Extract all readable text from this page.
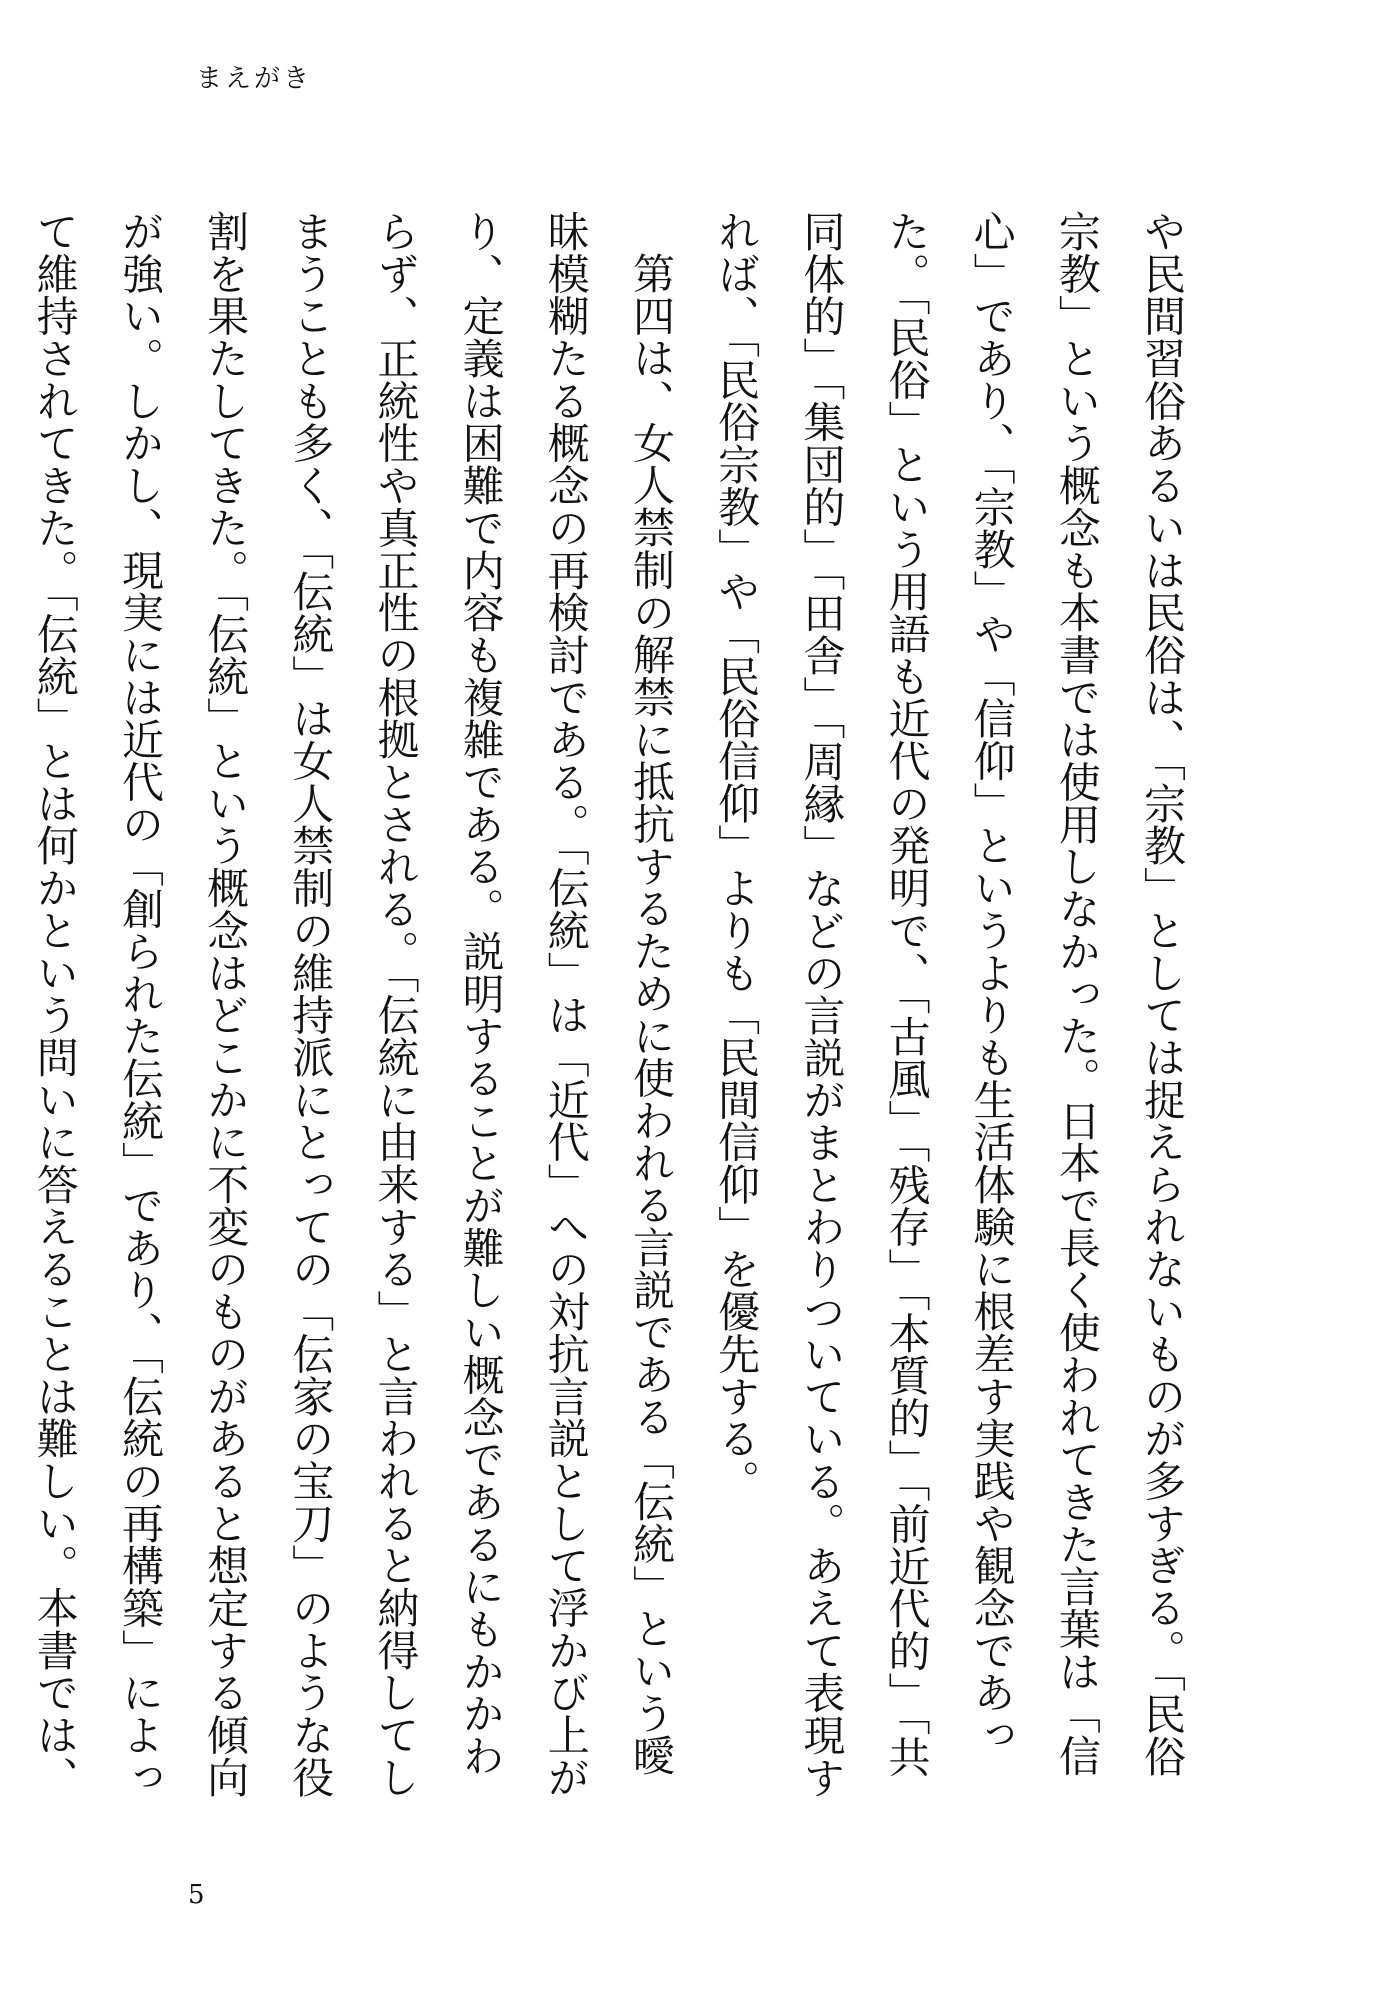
まえがき

や民間習俗あるいは民俗は、「宗教」としては捉えられないものが多すぎる。「民俗宗教」という概念も本書では使用しなかった。日本で長く使われてきた言葉は「信心」であり、「宗教」や「信仰」というよりも生活体験に根差す実践や観念であった。「民俗」という用語も近代の発明で、「古風」「残存」「本質的」「前近代的」「共同体的」「集団的」「田舎」「周縁」などの言説がまとわりついている。あえて表現すれば、「民俗宗教」や「民俗信仰」よりも「民間信仰」を優先する。

第四は、女人禁制の解禁に抵抗するために使われる言説である「伝統」という曖昧模糊たる概念の再検討である。「伝統」は「近代」への対抗言説として浮かび上がり、定義は困難で内容も複雑である。説明することが難しい概念であるにもかかわらず、正統性や真正性の根拠とされる。「伝統に由来する」と言われると納得してしまうことも多く、「伝統」は女人禁制の維持派にとっての「伝家の宝刀」のような役割を果たしてきた。「伝統」という概念はどこかに不変のものがあると想定する傾向が強い。しかし、現実には近代の「創られた伝統」であり、「伝統の再構築」によって維持されてきた。「伝統」とは何かという問いに答えることは難しい。本書では、

5
